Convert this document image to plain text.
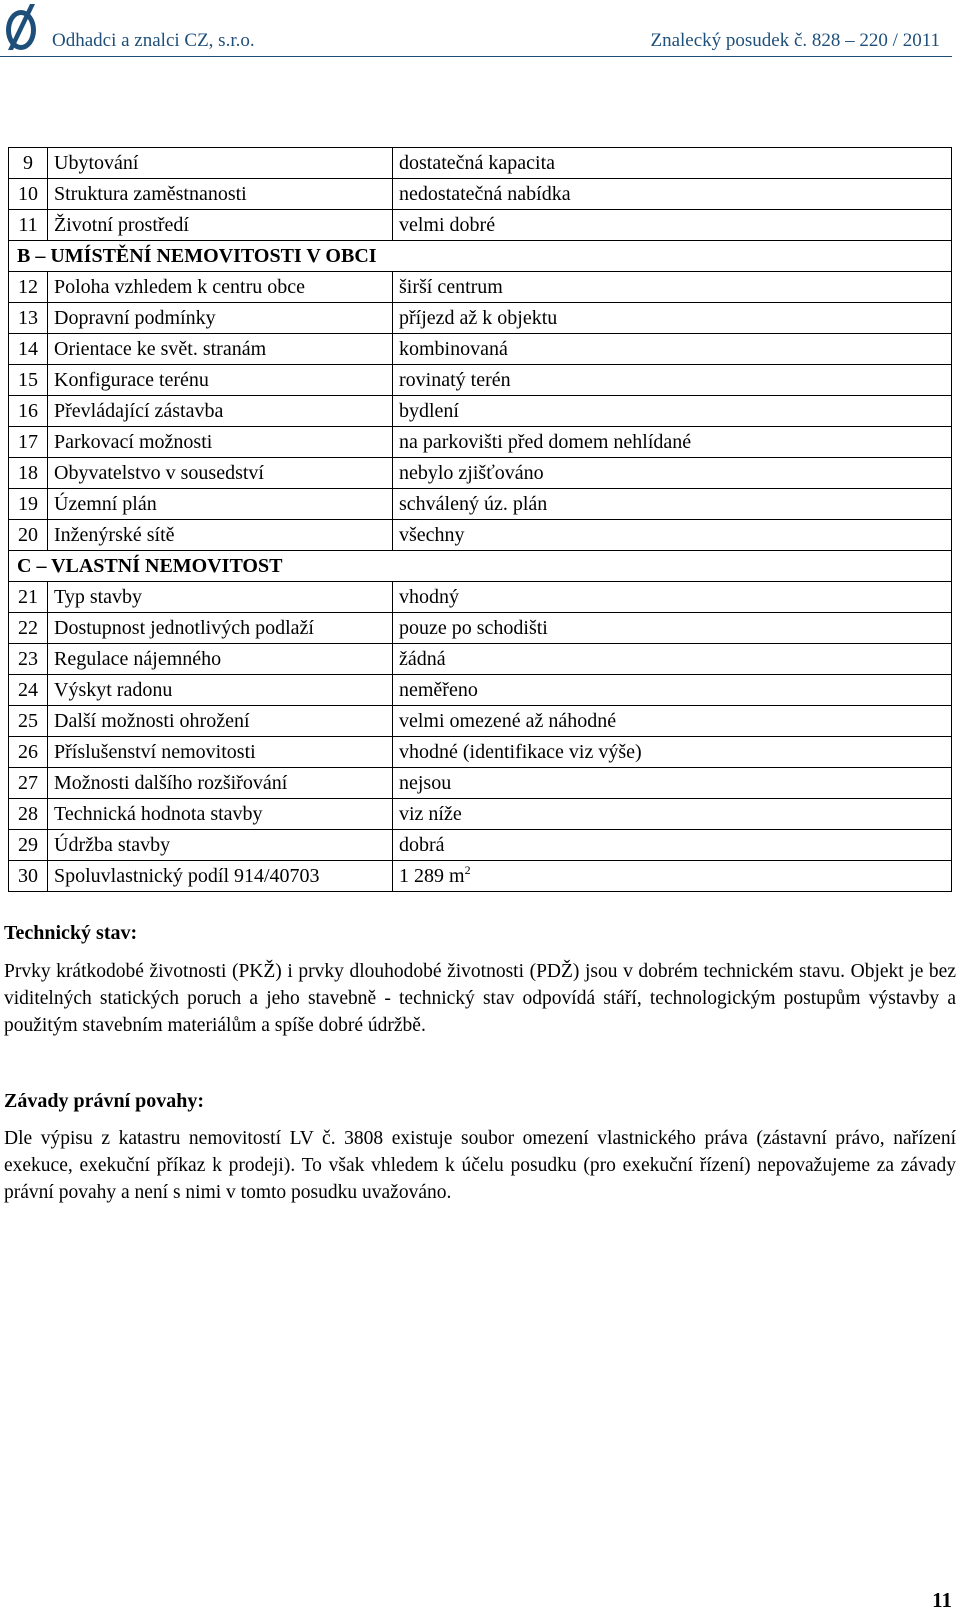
Odhadci a znalci CZ, s.r.o.	Znalecký posudek č. 828 – 220 / 2011
9	Ubytování	dostatečná kapacita
10	Struktura zaměstnanosti	nedostatečná nabídka
11	Životní prostředí	velmi dobré
B – UMÍSTĚNÍ NEMOVITOSTI V OBCI		
12	Poloha vzhledem k centru obce	širší centrum
13	Dopravní podmínky	příjezd až k objektu
14	Orientace ke svět. stranám	kombinovaná
15	Konfigurace terénu	rovinatý terén
16	Převládající zástavba	bydlení
17	Parkovací možnosti	na parkovišti před domem nehlídané
18	Obyvatelstvo v sousedství	nebylo zjišťováno
19	Územní plán	schválený úz. plán
20	Inženýrské sítě	všechny
C – VLASTNÍ NEMOVITOST		
21	Typ stavby	vhodný
22	Dostupnost jednotlivých podlaží	pouze po schodišti
23	Regulace nájemného	žádná
24	Výskyt radonu	neměřeno
25	Další možnosti ohrožení	velmi omezené až náhodné
26	Příslušenství nemovitosti	vhodné (identifikace viz výše)
27	Možnosti dalšího rozšiřování	nejsou
28	Technická hodnota stavby	viz níže
29	Údržba stavby	dobrá
30	Spoluvlastnický podíl 914/40703	1 289 $m^2$
Technický stav:

Prvky krátkodobé životnosti (PKŽ) i prvky dlouhodobé životnosti (PDŽ) jsou v dobrém technickém stavu. Objekt je bez viditelných statických poruch a jeho stavebně - technický stav odpovídá stáří, technologickým postupům výstavby a použitým stavebním materiálům a spíše dobré údržbě.

Závady právní povahy:

Dle výpisu z katastru nemovitostí LV č. 3808 existuje soubor omezení vlastnického práva (zástavní právo, nařízení exekuce, exekuční příkaz k prodeji). To však vhledem k účelu posudku (pro exekuční řízení) nepovažujeme za závady právní povahy a není s nimi v tomto posudku uvažováno.

11
